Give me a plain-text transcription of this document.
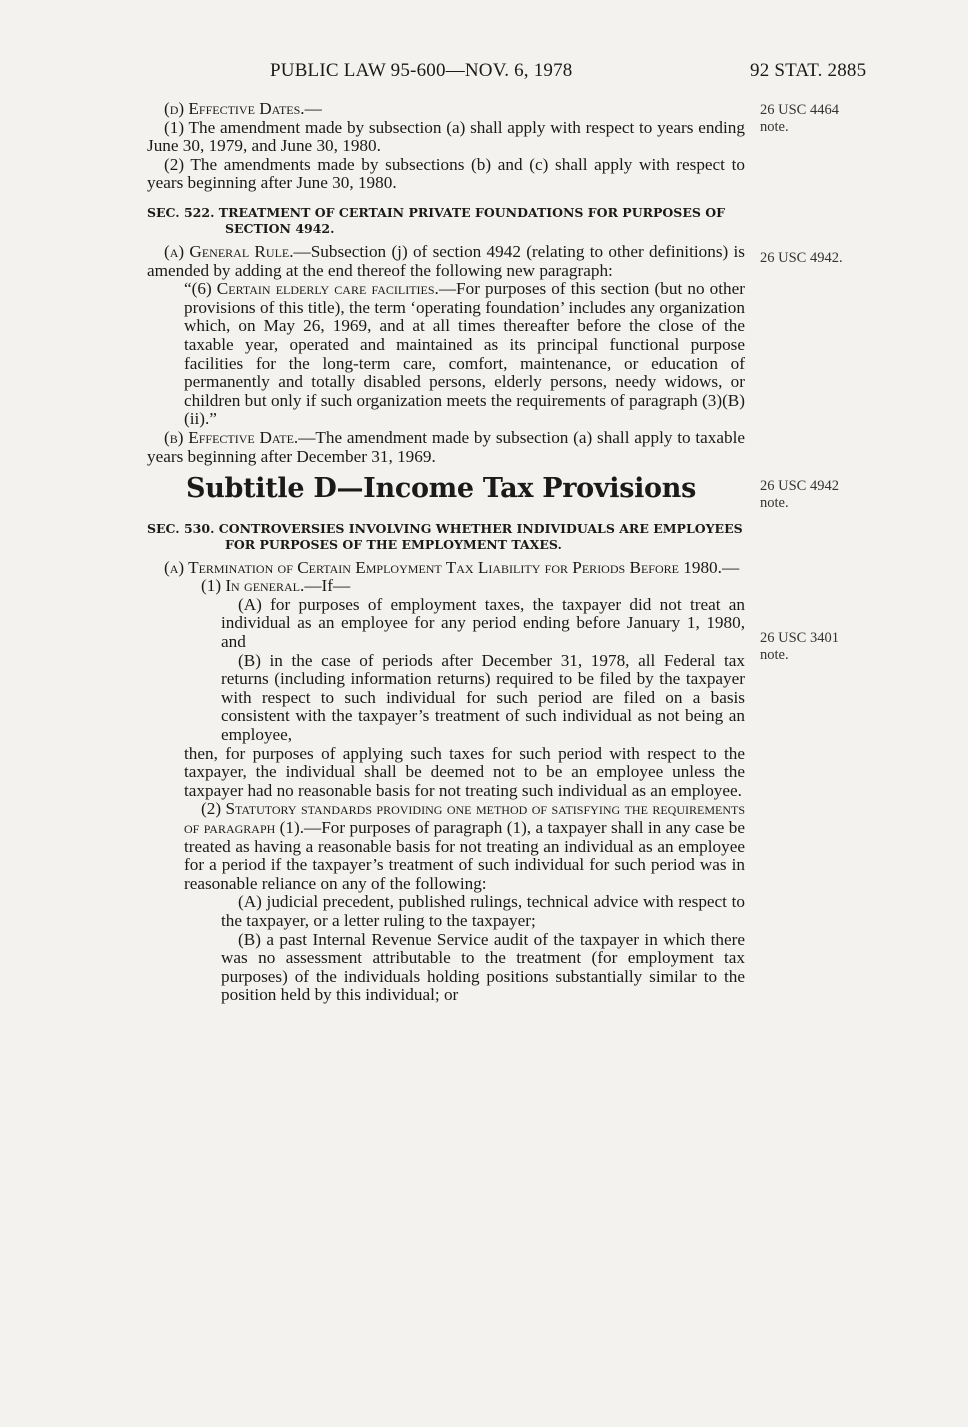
PUBLIC LAW 95-600—NOV. 6, 1978	92 STAT. 2885
26 USC 4464 note.
26 USC 4942.
26 USC 4942 note.
26 USC 3401 note.

(d) Effective Dates.—

(1) The amendment made by subsection (a) shall apply with respect to years ending June 30, 1979, and June 30, 1980.

(2) The amendments made by subsections (b) and (c) shall apply with respect to years beginning after June 30, 1980.

SEC. 522. TREATMENT OF CERTAIN PRIVATE FOUNDATIONS FOR PURPOSES OF SECTION 4942.

(a) General Rule.—Subsection (j) of section 4942 (relating to other definitions) is amended by adding at the end thereof the following new paragraph:

“(6) Certain elderly care facilities.—For purposes of this section (but no other provisions of this title), the term ‘operating foundation’ includes any organization which, on May 26, 1969, and at all times thereafter before the close of the taxable year, operated and maintained as its principal functional purpose facilities for the long-term care, comfort, maintenance, or education of permanently and totally disabled persons, elderly persons, needy widows, or children but only if such organization meets the requirements of paragraph (3)(B)(ii).”

(b) Effective Date.—The amendment made by subsection (a) shall apply to taxable years beginning after December 31, 1969.

Subtitle D—Income Tax Provisions
SEC. 530. CONTROVERSIES INVOLVING WHETHER INDIVIDUALS ARE EMPLOYEES FOR PURPOSES OF THE EMPLOYMENT TAXES.

(a) Termination of Certain Employment Tax Liability for Periods Before 1980.—

(1) In general.—If—

(A) for purposes of employment taxes, the taxpayer did not treat an individual as an employee for any period ending before January 1, 1980, and

(B) in the case of periods after December 31, 1978, all Federal tax returns (including information returns) required to be filed by the taxpayer with respect to such individual for such period are filed on a basis consistent with the taxpayer’s treatment of such individual as not being an employee,

then, for purposes of applying such taxes for such period with respect to the taxpayer, the individual shall be deemed not to be an employee unless the taxpayer had no reasonable basis for not treating such individual as an employee.

(2) Statutory standards providing one method of satisfying the requirements of paragraph (1).—For purposes of paragraph (1), a taxpayer shall in any case be treated as having a reasonable basis for not treating an individual as an employee for a period if the taxpayer’s treatment of such individual for such period was in reasonable reliance on any of the following:

(A) judicial precedent, published rulings, technical advice with respect to the taxpayer, or a letter ruling to the taxpayer;

(B) a past Internal Revenue Service audit of the taxpayer in which there was no assessment attributable to the treatment (for employment tax purposes) of the individuals holding positions substantially similar to the position held by this individual; or
